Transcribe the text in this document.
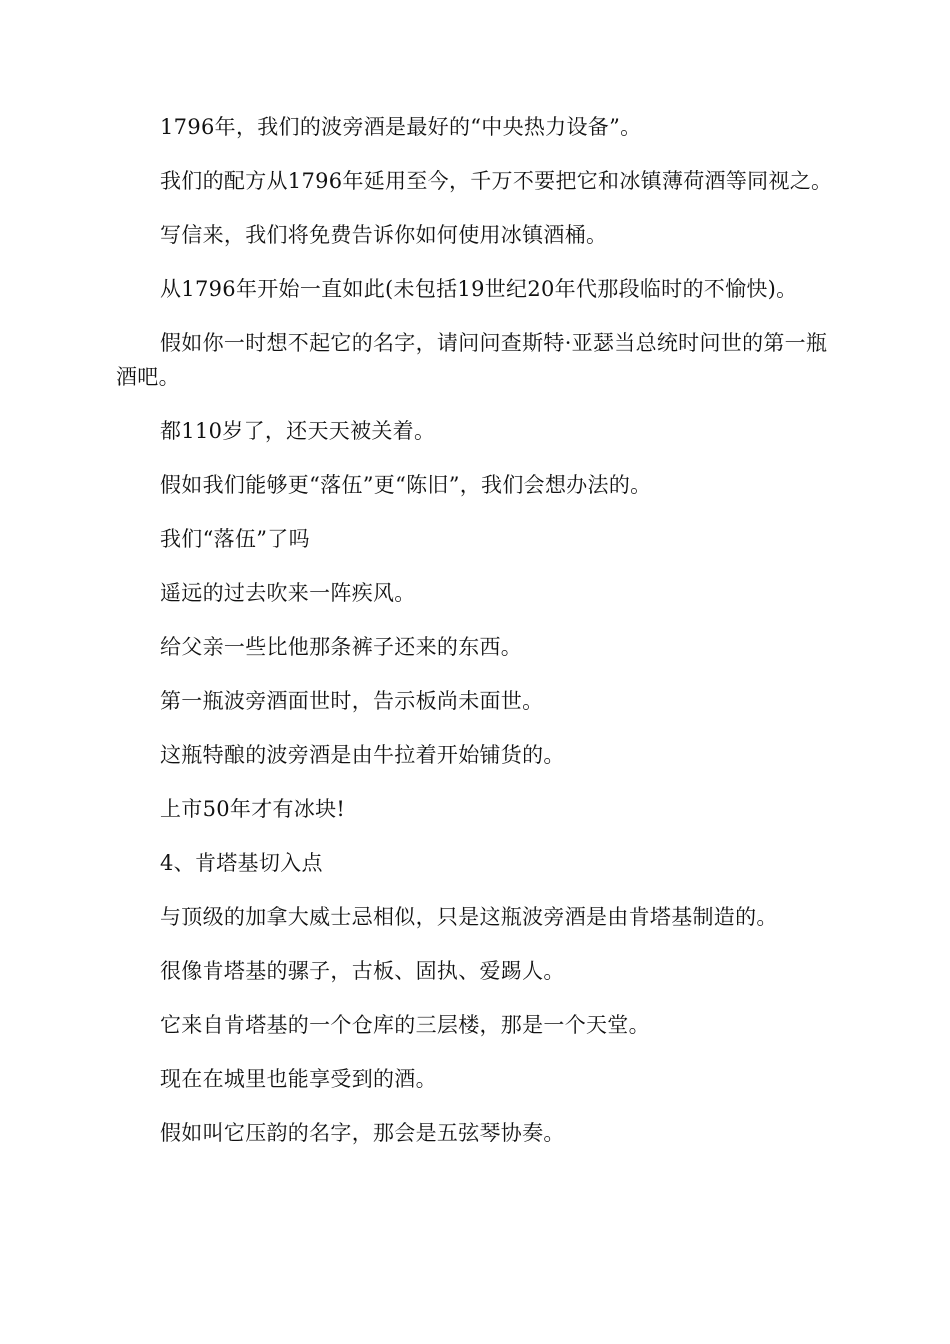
1796年，我们的波旁酒是最好的“中央热力设备”。

我们的配方从1796年延用至今，千万不要把它和冰镇薄荷酒等同视之。

写信来，我们将免费告诉你如何使用冰镇酒桶。

从1796年开始一直如此(未包括19世纪20年代那段临时的不愉快)。

假如你一时想不起它的名字，请问问查斯特·亚瑟当总统时问世的第一瓶酒吧。

都110岁了，还天天被关着。

假如我们能够更“落伍”更“陈旧”，我们会想办法的。

我们“落伍”了吗

遥远的过去吹来一阵疾风。

给父亲一些比他那条裤子还来的东西。

第一瓶波旁酒面世时，告示板尚未面世。

这瓶特酿的波旁酒是由牛拉着开始铺货的。

上市50年才有冰块!

4、肯塔基切入点

与顶级的加拿大威士忌相似，只是这瓶波旁酒是由肯塔基制造的。

很像肯塔基的骡子，古板、固执、爱踢人。

它来自肯塔基的一个仓库的三层楼，那是一个天堂。

现在在城里也能享受到的酒。

假如叫它压韵的名字，那会是五弦琴协奏。
